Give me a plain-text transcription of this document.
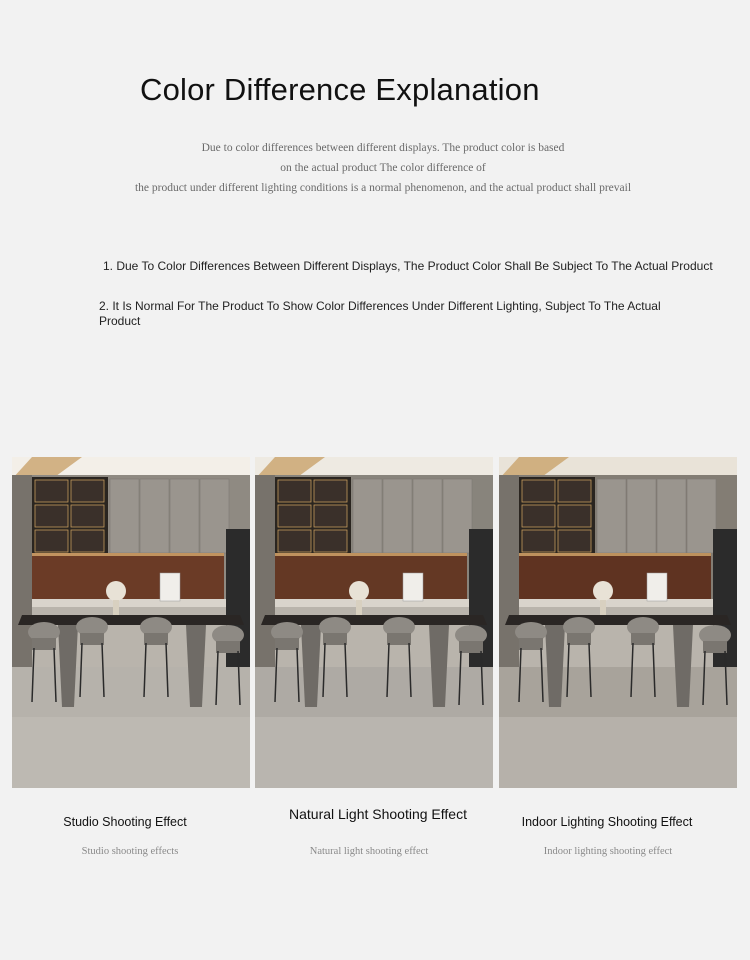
Color Difference Explanation
Due to color differences between different displays. The product color is based
on the actual product The color difference of
the product under different lighting conditions is a normal phenomenon, and the actual product shall prevail
1. Due To Color Differences Between Different Displays, The Product Color Shall Be Subject To The Actual Product
2. It Is Normal For The Product To Show Color Differences Under Different Lighting, Subject To The Actual Product
Studio Shooting Effect	Natural Light Shooting Effect	Indoor Lighting Shooting Effect
Studio shooting effects	Natural light shooting effect	Indoor lighting shooting effect
